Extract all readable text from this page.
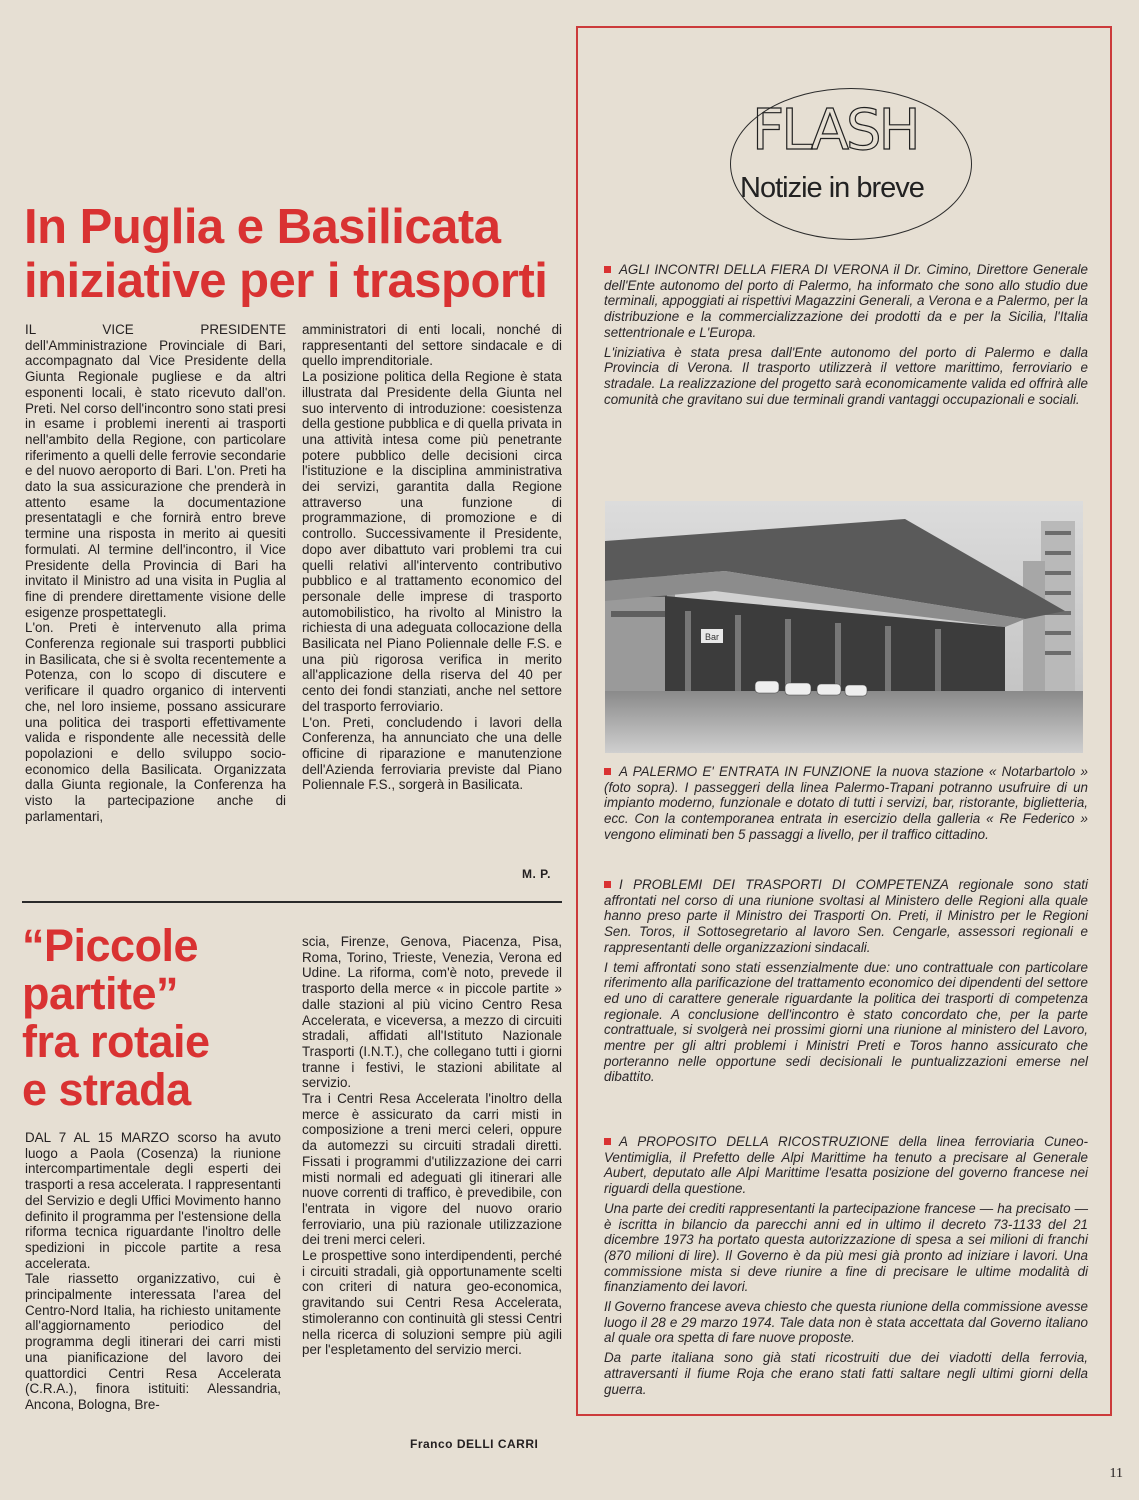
In Puglia e Basilicata
iniziative per i trasporti

IL VICE PRESIDENTE dell'Amministrazione Provinciale di Bari, accompagnato dal Vice Presidente della Giunta Regionale pugliese e da altri esponenti locali, è stato ricevuto dall'on. Preti. Nel corso dell'incontro sono stati presi in esame i problemi inerenti ai trasporti nell'ambito della Regione, con particolare riferimento a quelli delle ferrovie secondarie e del nuovo aeroporto di Bari. L'on. Preti ha dato la sua assicurazione che prenderà in attento esame la documentazione presentatagli e che fornirà entro breve termine una risposta in merito ai quesiti formulati. Al termine dell'incontro, il Vice Presidente della Provincia di Bari ha invitato il Ministro ad una visita in Puglia al fine di prendere direttamente visione delle esigenze prospettategli.

L'on. Preti è intervenuto alla prima Conferenza regionale sui trasporti pubblici in Basilicata, che si è svolta recentemente a Potenza, con lo scopo di discutere e verificare il quadro organico di interventi che, nel loro insieme, possano assicurare una politica dei trasporti effettivamente valida e rispondente alle necessità delle popolazioni e dello sviluppo socio-economico della Basilicata. Organizzata dalla Giunta regionale, la Conferenza ha visto la partecipazione anche di parlamentari,

amministratori di enti locali, nonché di rappresentanti del settore sindacale e di quello imprenditoriale.

La posizione politica della Regione è stata illustrata dal Presidente della Giunta nel suo intervento di introduzione: coesistenza della gestione pubblica e di quella privata in una attività intesa come più penetrante potere pubblico delle decisioni circa l'istituzione e la disciplina amministrativa dei servizi, garantita dalla Regione attraverso una funzione di programmazione, di promozione e di controllo. Successivamente il Presidente, dopo aver dibattuto vari problemi tra cui quelli relativi all'intervento contributivo pubblico e al trattamento economico del personale delle imprese di trasporto automobilistico, ha rivolto al Ministro la richiesta di una adeguata collocazione della Basilicata nel Piano Poliennale delle F.S. e una più rigorosa verifica in merito all'applicazione della riserva del 40 per cento dei fondi stanziati, anche nel settore del trasporto ferroviario.

L'on. Preti, concludendo i lavori della Conferenza, ha annunciato che una delle officine di riparazione e manutenzione dell'Azienda ferroviaria previste dal Piano Poliennale F.S., sorgerà in Basilicata.

M. P.
“Piccole
partite”
fra rotaie
e strada

DAL 7 AL 15 MARZO scorso ha avuto luogo a Paola (Cosenza) la riunione intercompartimentale degli esperti dei trasporti a resa accelerata. I rappresentanti del Servizio e degli Uffici Movimento hanno definito il programma per l'estensione della riforma tecnica riguardante l'inoltro delle spedizioni in piccole partite a resa accelerata.

Tale riassetto organizzativo, cui è principalmente interessata l'area del Centro-Nord Italia, ha richiesto unitamente all'aggiornamento periodico del programma degli itinerari dei carri misti una pianificazione del lavoro dei quattordici Centri Resa Accelerata (C.R.A.), finora istituiti: Alessandria, Ancona, Bologna, Bre-

scia, Firenze, Genova, Piacenza, Pisa, Roma, Torino, Trieste, Venezia, Verona ed Udine. La riforma, com'è noto, prevede il trasporto della merce « in piccole partite » dalle stazioni al più vicino Centro Resa Accelerata, e viceversa, a mezzo di circuiti stradali, affidati all'Istituto Nazionale Trasporti (I.N.T.), che collegano tutti i giorni tranne i festivi, le stazioni abilitate al servizio.

Tra i Centri Resa Accelerata l'inoltro della merce è assicurato da carri misti in composizione a treni merci celeri, oppure da automezzi su circuiti stradali diretti. Fissati i programmi d'utilizzazione dei carri misti normali ed adeguati gli itinerari alle nuove correnti di traffico, è prevedibile, con l'entrata in vigore del nuovo orario ferroviario, una più razionale utilizzazione dei treni merci celeri.

Le prospettive sono interdipendenti, perché i circuiti stradali, già opportunamente scelti con criteri di natura geo-economica, gravitando sui Centri Resa Accelerata, stimoleranno con continuità gli stessi Centri nella ricerca di soluzioni sempre più agili per l'espletamento del servizio merci.

Franco DELLI CARRI
FLASH
Notizie in breve

AGLI INCONTRI DELLA FIERA DI VERONA il Dr. Cimino, Direttore Generale dell'Ente autonomo del porto di Palermo, ha informato che sono allo studio due terminali, appoggiati ai rispettivi Magazzini Generali, a Verona e a Palermo, per la distribuzione e la commercializzazione dei prodotti da e per la Sicilia, l'Italia settentrionale e L'Europa.

L'iniziativa è stata presa dall'Ente autonomo del porto di Palermo e dalla Provincia di Verona. Il trasporto utilizzerà il vettore marittimo, ferroviario e stradale. La realizzazione del progetto sarà economicamente valida ed offrirà alle comunità che gravitano sui due terminali grandi vantaggi occupazionali e sociali.

Bar

A PALERMO E' ENTRATA IN FUNZIONE la nuova stazione « Notarbartolo » (foto sopra). I passeggeri della linea Palermo-Trapani potranno usufruire di un impianto moderno, funzionale e dotato di tutti i servizi, bar, ristorante, biglietteria, ecc. Con la contemporanea entrata in esercizio della galleria « Re Federico » vengono eliminati ben 5 passaggi a livello, per il traffico cittadino.

I PROBLEMI DEI TRASPORTI DI COMPETENZA regionale sono stati affrontati nel corso di una riunione svoltasi al Ministero delle Regioni alla quale hanno preso parte il Ministro dei Trasporti On. Preti, il Ministro per le Regioni Sen. Toros, il Sottosegretario al lavoro Sen. Cengarle, assessori regionali e rappresentanti delle organizzazioni sindacali.

I temi affrontati sono stati essenzialmente due: uno contrattuale con particolare riferimento alla parificazione del trattamento economico dei dipendenti del settore ed uno di carattere generale riguardante la politica dei trasporti di competenza regionale. A conclusione dell'incontro è stato concordato che, per la parte contrattuale, si svolgerà nei prossimi giorni una riunione al ministero del Lavoro, mentre per gli altri problemi i Ministri Preti e Toros hanno assicurato che porteranno nelle opportune sedi decisionali le puntualizzazioni emerse nel dibattito.

A PROPOSITO DELLA RICOSTRUZIONE della linea ferroviaria Cuneo-Ventimiglia, il Prefetto delle Alpi Marittime ha tenuto a precisare al Generale Aubert, deputato alle Alpi Marittime l'esatta posizione del governo francese nei riguardi della questione.

Una parte dei crediti rappresentanti la partecipazione francese — ha precisato — è iscritta in bilancio da parecchi anni ed in ultimo il decreto 73-1133 del 21 dicembre 1973 ha portato questa autorizzazione di spesa a sei milioni di franchi (870 milioni di lire). Il Governo è da più mesi già pronto ad iniziare i lavori. Una commissione mista si deve riunire a fine di precisare le ultime modalità di finanziamento dei lavori.

Il Governo francese aveva chiesto che questa riunione della commissione avesse luogo il 28 e 29 marzo 1974. Tale data non è stata accettata dal Governo italiano al quale ora spetta di fare nuove proposte.

Da parte italiana sono già stati ricostruiti due dei viadotti della ferrovia, attraversanti il fiume Roja che erano stati fatti saltare negli ultimi giorni della guerra.

11
